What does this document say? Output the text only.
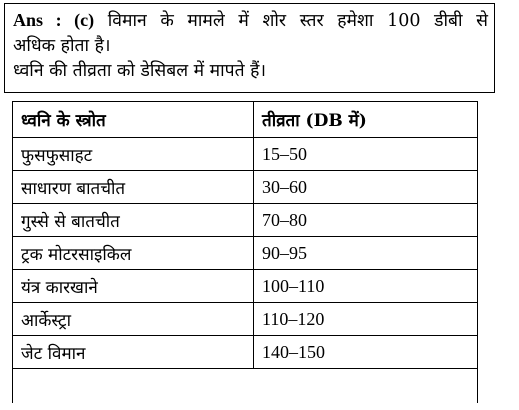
Ans : (c) विमान के मामले में शोर स्तर हमेशा 100 डीबी से
अधिक होता है।
ध्वनि की तीव्रता को डेसिबल में मापते हैं।
ध्वनि के स्त्रोत	तीव्रता (DB में)
फुसफुसाहट	15–50
साधारण बातचीत	30–60
गुस्से से बातचीत	70–80
ट्रक मोटरसाइकिल	90–95
यंत्र कारखाने	100–110
आर्केस्ट्रा	110–120
जेट विमान	140–150
